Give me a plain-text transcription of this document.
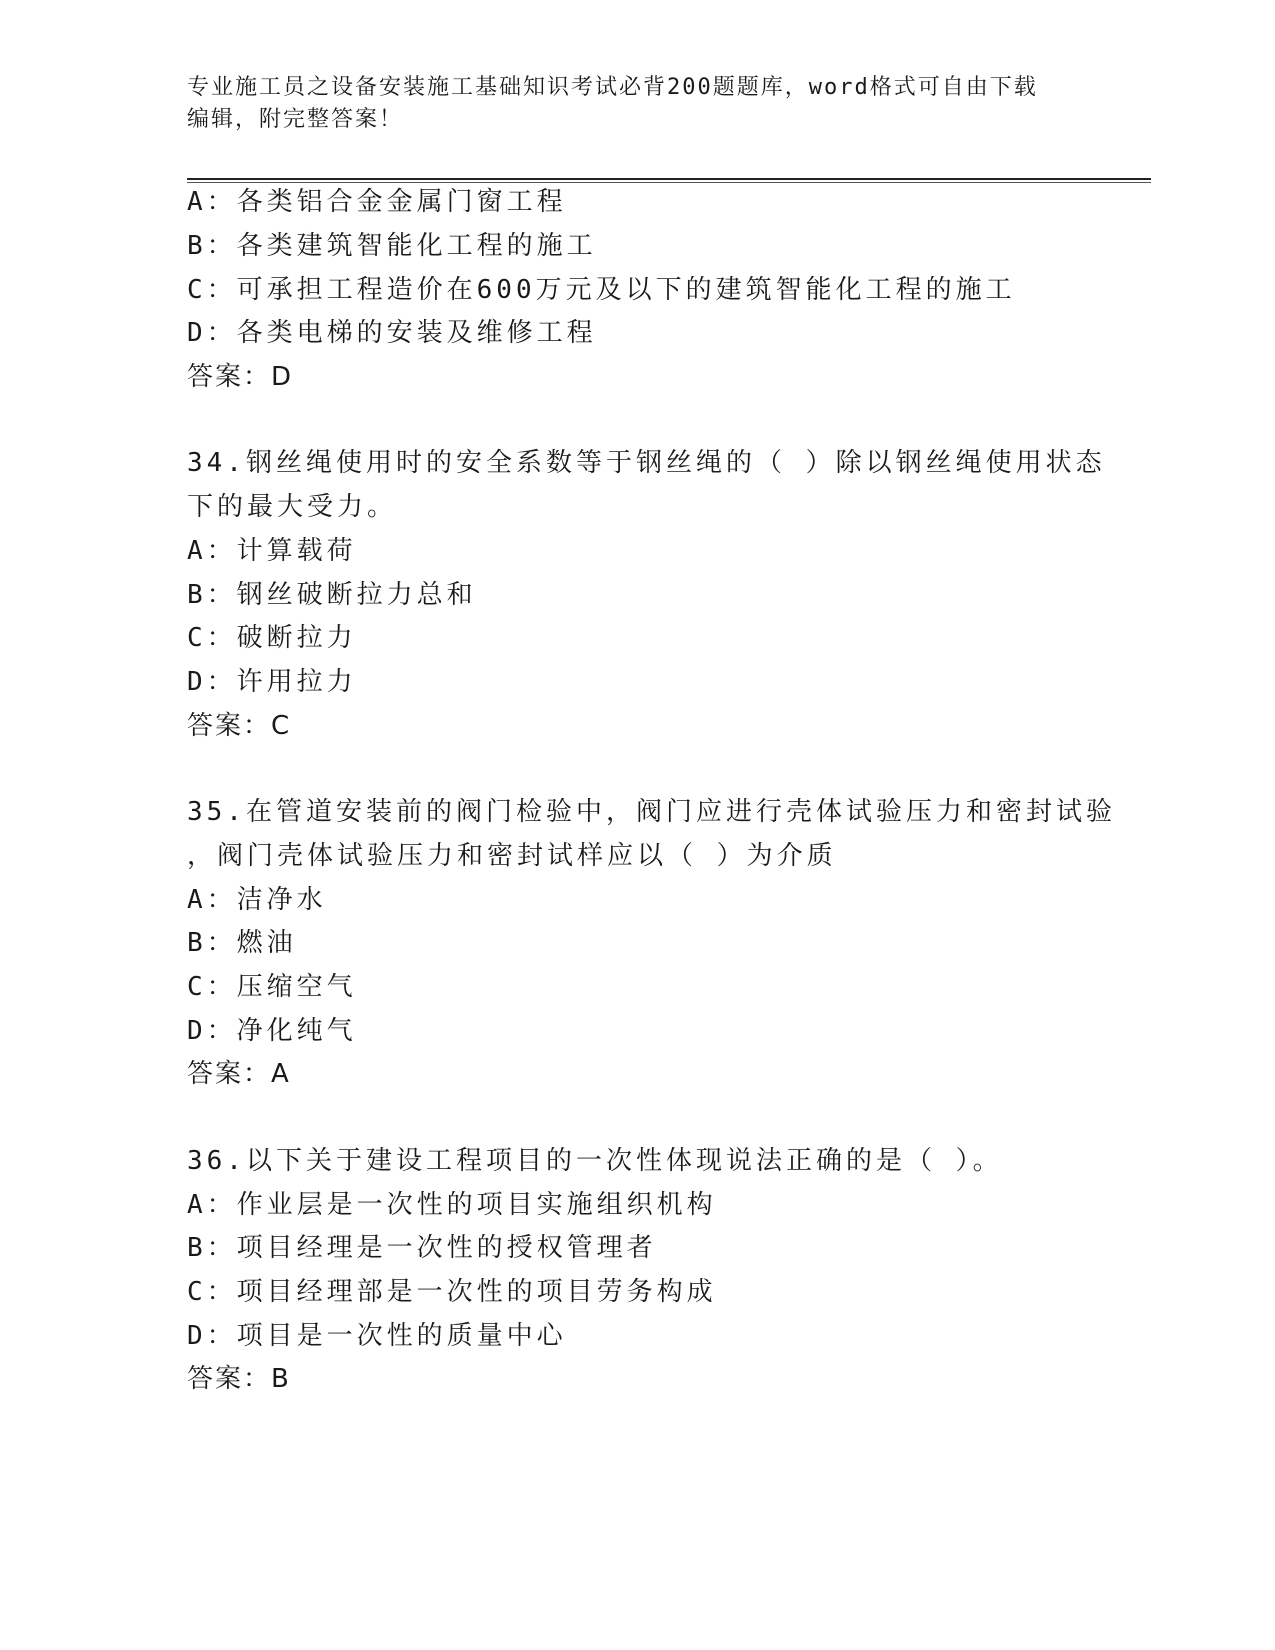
专业施工员之设备安装施工基础知识考试必背200题题库，word格式可自由下载
编辑，附完整答案！
A：各类铝合金金属门窗工程
B：各类建筑智能化工程的施工
C：可承担工程造价在600万元及以下的建筑智能化工程的施工
D：各类电梯的安装及维修工程
答案：D
34.钢丝绳使用时的安全系数等于钢丝绳的（ ）除以钢丝绳使用状态
下的最大受力。
A：计算载荷
B：钢丝破断拉力总和
C：破断拉力
D：许用拉力
答案：C
35.在管道安装前的阀门检验中，阀门应进行壳体试验压力和密封试验
，阀门壳体试验压力和密封试样应以（ ）为介质
A：洁净水
B：燃油
C：压缩空气
D：净化纯气
答案：A
36.以下关于建设工程项目的一次性体现说法正确的是（ ）。
A：作业层是一次性的项目实施组织机构
B：项目经理是一次性的授权管理者
C：项目经理部是一次性的项目劳务构成
D：项目是一次性的质量中心
答案：B
